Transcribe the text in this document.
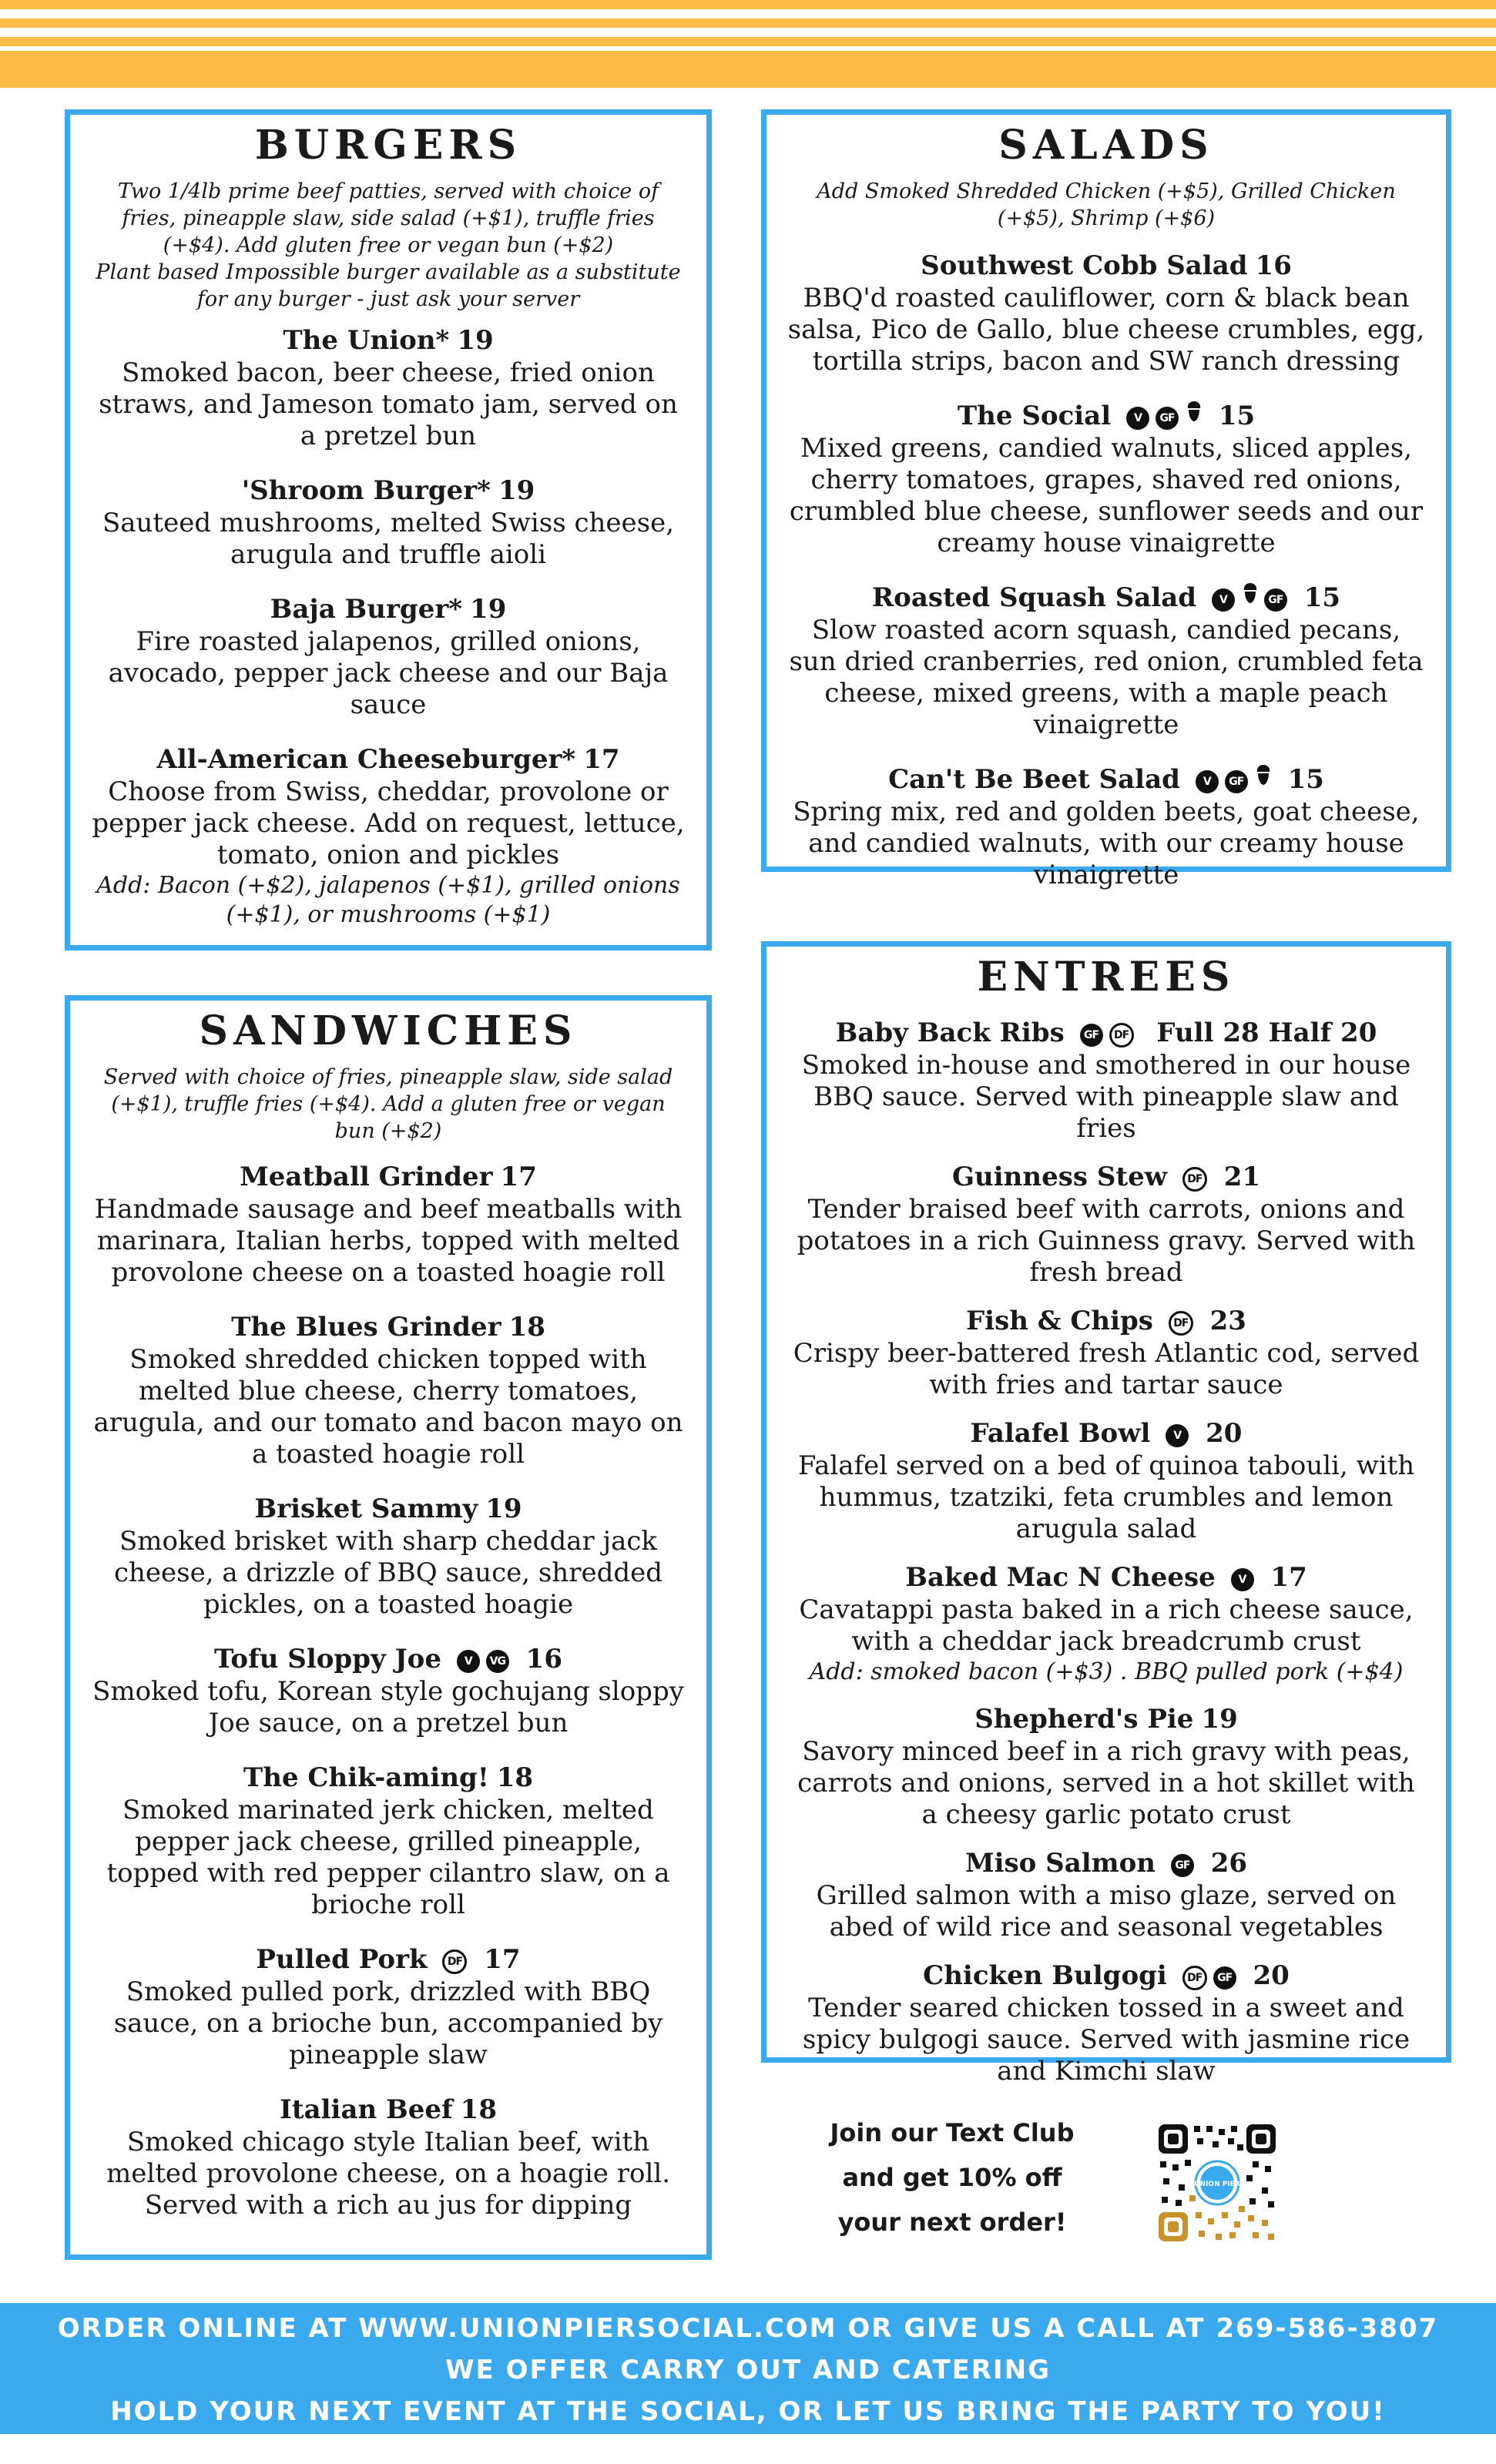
BURGERS
Two 1/4lb prime beef patties, served with choice of fries, pineapple slaw, side salad (+$1), truffle fries (+$4). Add gluten free or vegan bun (+$2)
Plant based Impossible burger available as a substitute for any burger - just ask your server
The Union* 19
Smoked bacon, beer cheese, fried onion straws, and Jameson tomato jam, served on a pretzel bun
'Shroom Burger* 19
Sauteed mushrooms, melted Swiss cheese, arugula and truffle aioli
Baja Burger* 19
Fire roasted jalapenos, grilled onions, avocado, pepper jack cheese and our Baja sauce
All-American Cheeseburger* 17
Choose from Swiss, cheddar, provolone or pepper jack cheese. Add on request, lettuce, tomato, onion and pickles
Add: Bacon (+$2), jalapenos (+$1), grilled onions (+$1), or mushrooms (+$1)
SALADS
Add Smoked Shredded Chicken (+$5), Grilled Chicken (+$5), Shrimp (+$6)
Southwest Cobb Salad 16
BBQ'd roasted cauliflower, corn & black bean salsa, Pico de Gallo, blue cheese crumbles, egg, tortilla strips, bacon and SW ranch dressing
The Social V GF 15
Mixed greens, candied walnuts, sliced apples, cherry tomatoes, grapes, shaved red onions, crumbled blue cheese, sunflower seeds and our creamy house vinaigrette
Roasted Squash Salad V	GF 15
Slow roasted acorn squash, candied pecans, sun dried cranberries, red onion, crumbled feta cheese, mixed greens, with a maple peach vinaigrette
Can't Be Beet Salad V GF 15
Spring mix, red and golden beets, goat cheese, and candied walnuts, with our creamy house vinaigrette
SANDWICHES
Served with choice of fries, pineapple slaw, side salad (+$1), truffle fries (+$4). Add a gluten free or vegan bun (+$2)
Meatball Grinder 17
Handmade sausage and beef meatballs with marinara, Italian herbs, topped with melted provolone cheese on a toasted hoagie roll
The Blues Grinder 18
Smoked shredded chicken topped with melted blue cheese, cherry tomatoes, arugula, and our tomato and bacon mayo on a toasted hoagie roll
Brisket Sammy 19
Smoked brisket with sharp cheddar jack cheese, a drizzle of BBQ sauce, shredded pickles, on a toasted hoagie
Tofu Sloppy Joe V VG 16
Smoked tofu, Korean style gochujang sloppy Joe sauce, on a pretzel bun
The Chik-aming! 18
Smoked marinated jerk chicken, melted pepper jack cheese, grilled pineapple, topped with red pepper cilantro slaw, on a brioche roll
Pulled Pork DF 17
Smoked pulled pork, drizzled with BBQ sauce, on a brioche bun, accompanied by pineapple slaw
Italian Beef 18
Smoked chicago style Italian beef, with melted provolone cheese, on a hoagie roll. Served with a rich au jus for dipping
ENTREES
Baby Back Ribs GF DF Full 28 Half 20
Smoked in-house and smothered in our house BBQ sauce. Served with pineapple slaw and fries
Guinness Stew DF 21
Tender braised beef with carrots, onions and potatoes in a rich Guinness gravy. Served with fresh bread
Fish & Chips DF 23
Crispy beer-battered fresh Atlantic cod, served with fries and tartar sauce
Falafel Bowl V 20
Falafel served on a bed of quinoa tabouli, with hummus, tzatziki, feta crumbles and lemon arugula salad
Baked Mac N Cheese V 17
Cavatappi pasta baked in a rich cheese sauce, with a cheddar jack breadcrumb crust
Add: smoked bacon (+$3) . BBQ pulled pork (+$4)
Shepherd's Pie 19
Savory minced beef in a rich gravy with peas, carrots and onions, served in a hot skillet with a cheesy garlic potato crust
Miso Salmon GF 26
Grilled salmon with a miso glaze, served on abed of wild rice and seasonal vegetables
Chicken Bulgogi DF GF 20
Tender seared chicken tossed in a sweet and spicy bulgogi sauce. Served with jasmine rice and Kimchi slaw
Join our Text Club
and get 10% off
your next order!
UNION PIER
ORDER ONLINE AT WWW.UNIONPIERSOCIAL.COM OR GIVE US A CALL AT 269-586-3807
WE OFFER CARRY OUT AND CATERING
HOLD YOUR NEXT EVENT AT THE SOCIAL, OR LET US BRING THE PARTY TO YOU!
